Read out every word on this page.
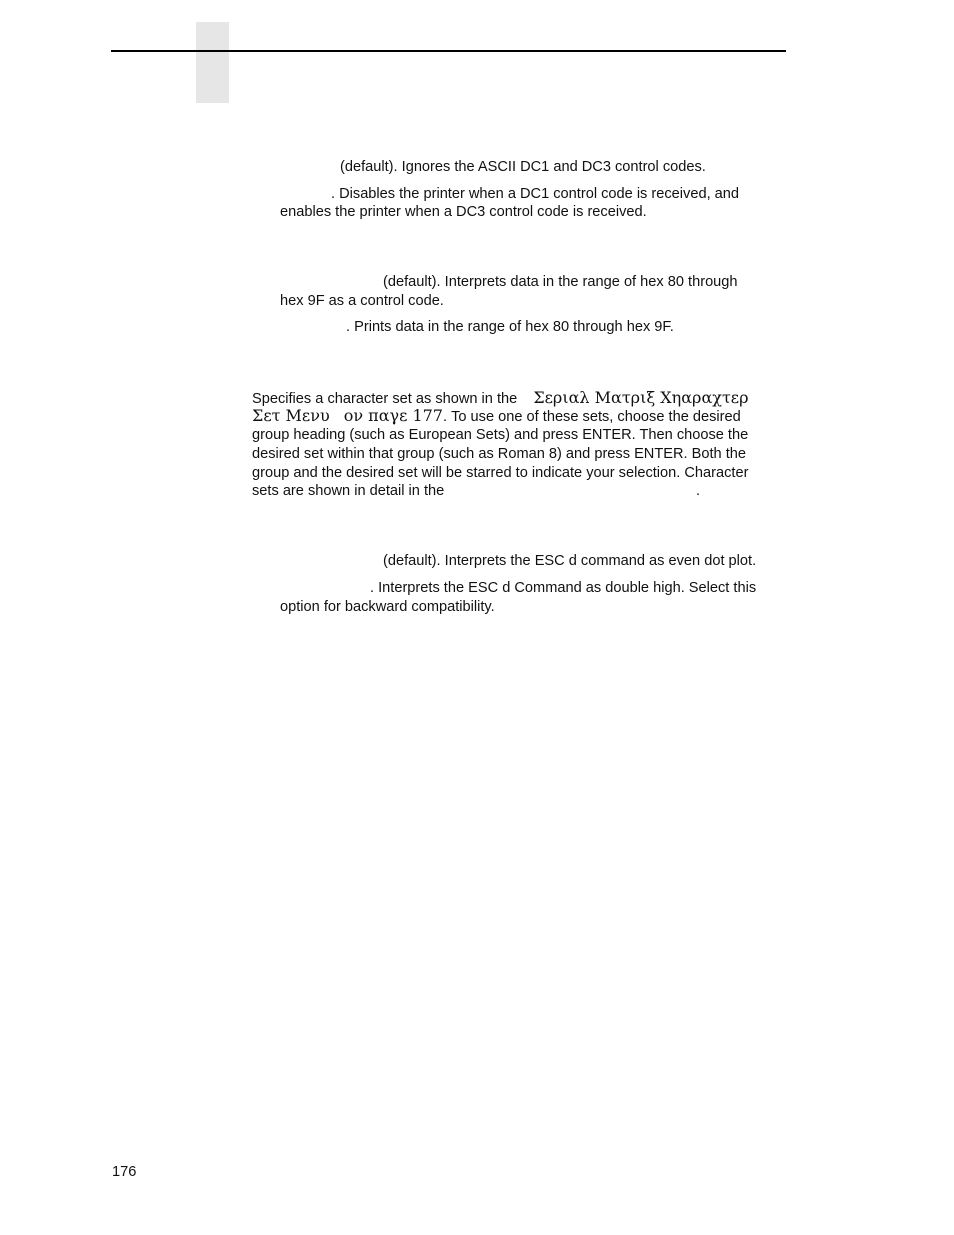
(default). Ignores the ASCII DC1 and DC3 control codes.

. Disables the printer when a DC1 control code is received, and

enables the printer when a DC3 control code is received.

(default). Interprets data in the range of hex 80 through

hex 9F as a control code.

. Prints data in the range of hex 80 through hex 9F.

Specifies a character set as shown in the Σεριαλ Ματριξ Χηαραχτερ

Σετ Μενυ ον παγε 177. To use one of these sets, choose the desired

group heading (such as European Sets) and press ENTER. Then choose the

desired set within that group (such as Roman 8) and press ENTER. Both the

group and the desired set will be starred to indicate your selection. Character

sets are shown in detail in the	.

(default). Interprets the ESC d command as even dot plot.

. Interprets the ESC d Command as double high. Select this

option for backward compatibility.

176
